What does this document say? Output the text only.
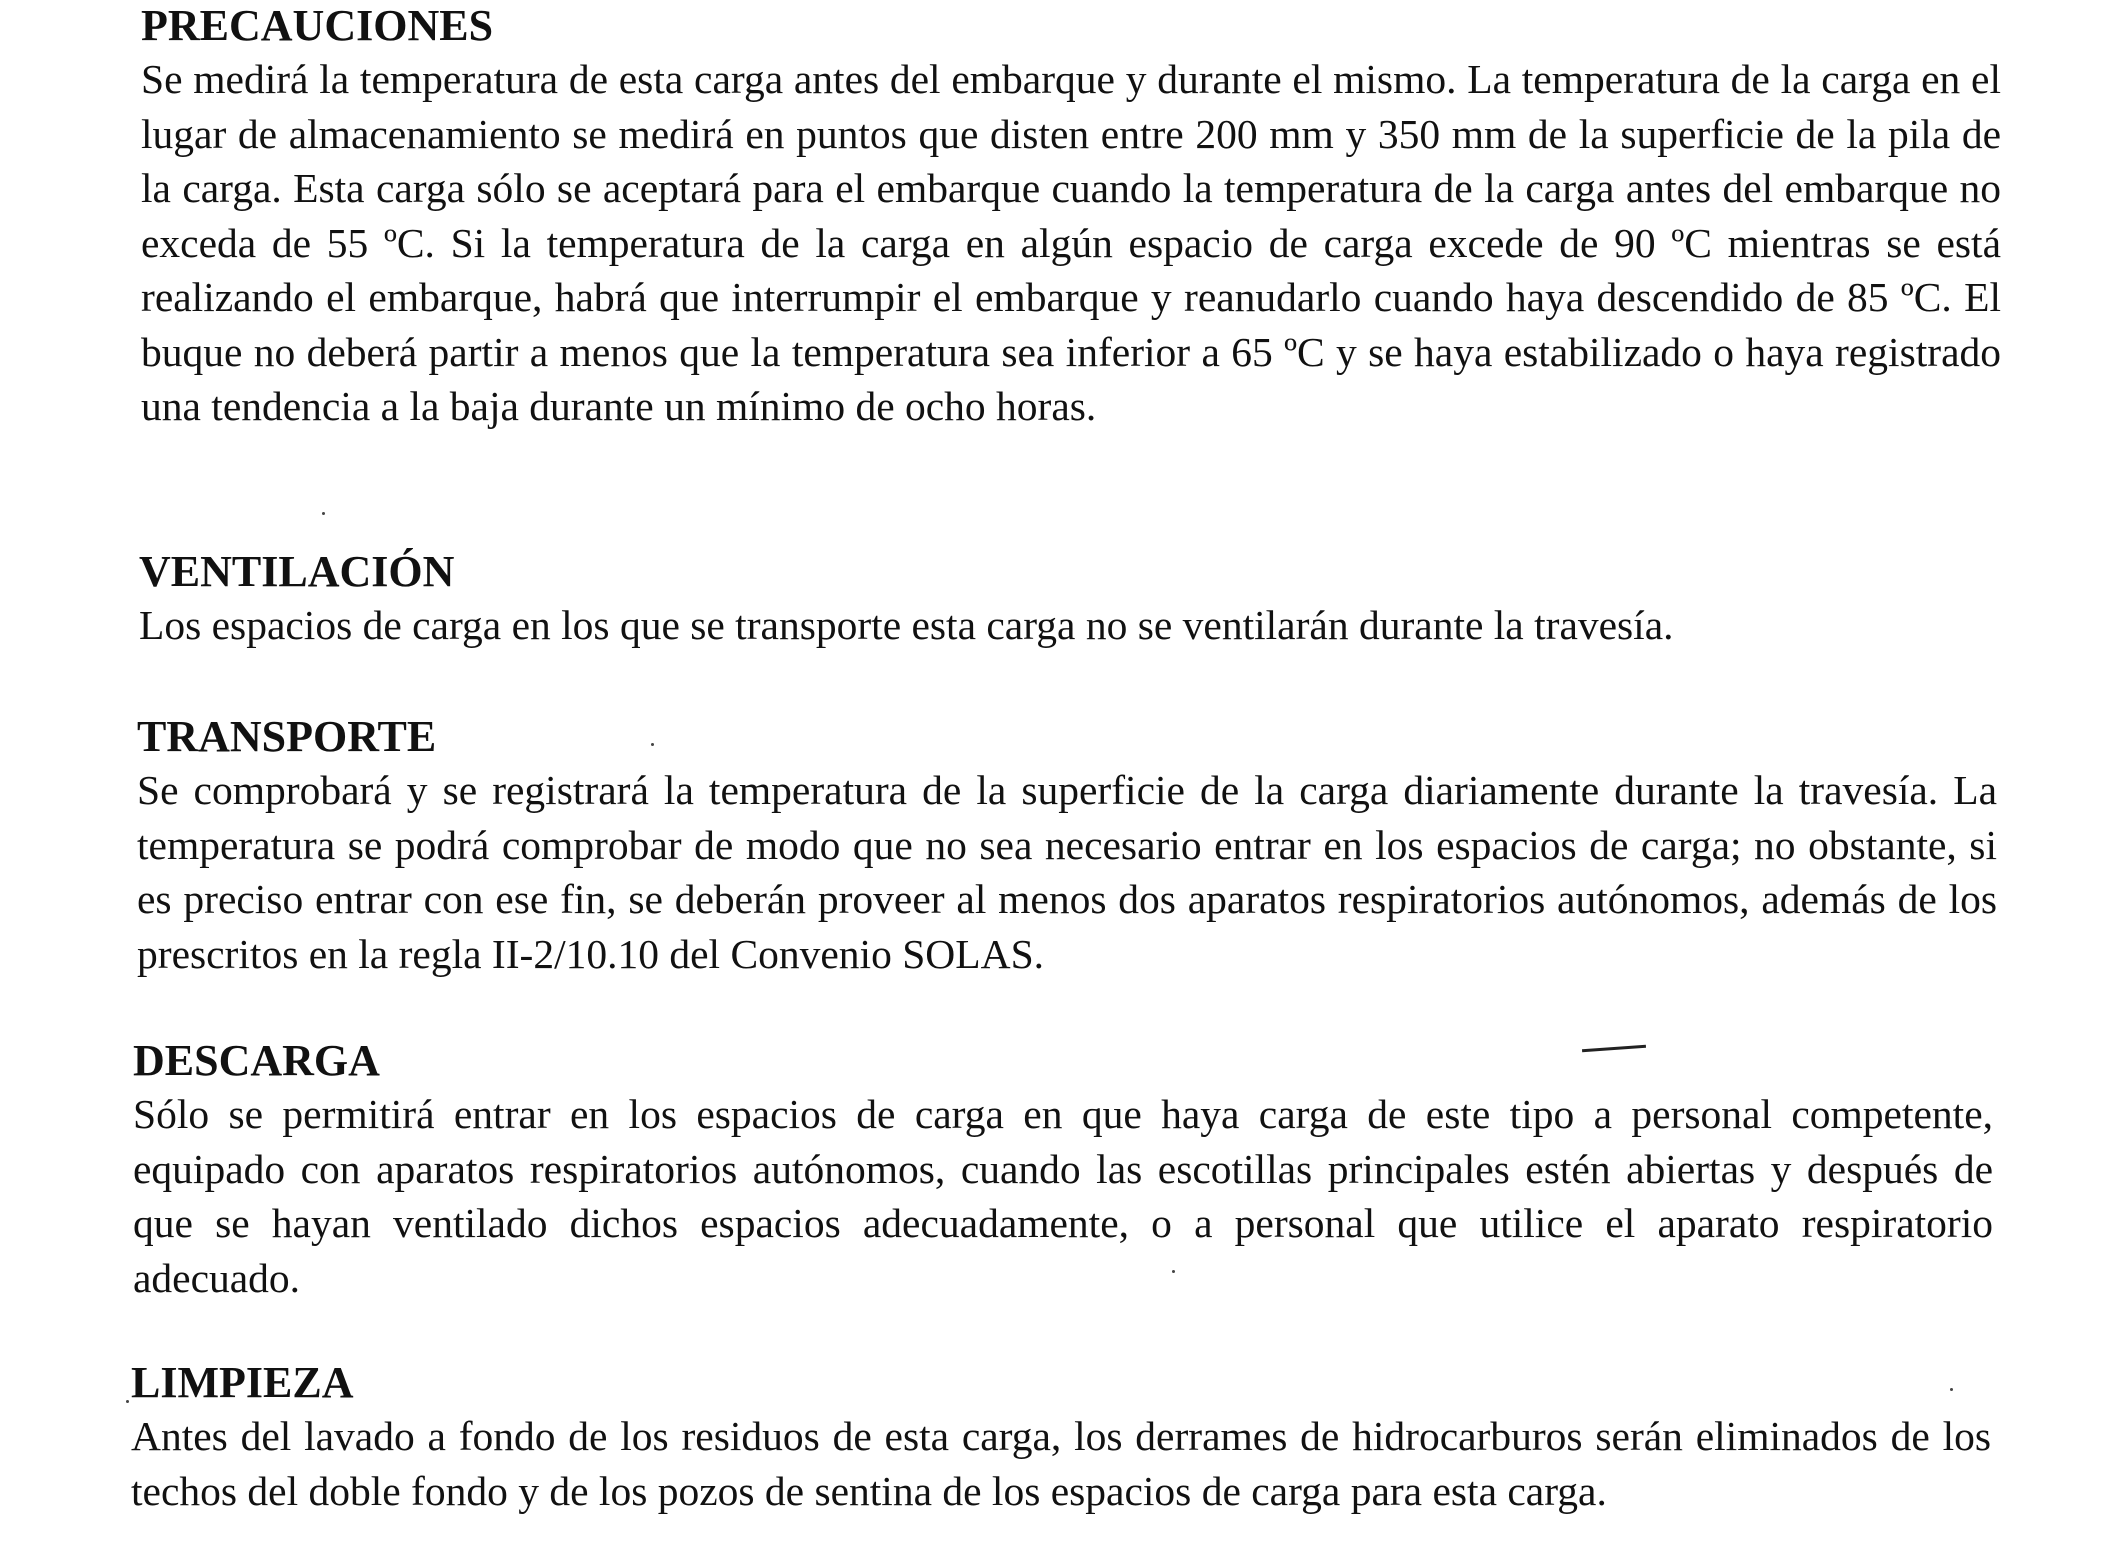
PRECAUCIONES

Se medirá la temperatura de esta carga antes del embarque y durante el mismo. La temperatura de la carga en el lugar de almacenamiento se medirá en puntos que disten entre 200 mm y 350 mm de la superficie de la pila de la carga. Esta carga sólo se aceptará para el embarque cuando la temperatura de la carga antes del embarque no exceda de 55 ºC. Si la temperatura de la carga en algún espacio de carga excede de 90 ºC mientras se está realizando el embarque, habrá que interrumpir el embarque y reanudarlo cuando haya descendido de 85 ºC. El buque no deberá partir a menos que la temperatura sea inferior a 65 ºC y se haya estabilizado o haya registrado una tendencia a la baja durante un mínimo de ocho horas.

VENTILACIÓN

Los espacios de carga en los que se transporte esta carga no se ventilarán durante la travesía.

TRANSPORTE

Se comprobará y se registrará la temperatura de la superficie de la carga diariamente durante la travesía. La temperatura se podrá comprobar de modo que no sea necesario entrar en los espacios de carga; no obstante, si es preciso entrar con ese fin, se deberán proveer al menos dos aparatos respiratorios autónomos, además de los prescritos en la regla II-2/10.10 del Convenio SOLAS.

DESCARGA

Sólo se permitirá entrar en los espacios de carga en que haya carga de este tipo a personal competente, equipado con aparatos respiratorios autónomos, cuando las escotillas principales estén abiertas y después de que se hayan ventilado dichos espacios adecuadamente, o a personal que utilice el aparato respiratorio adecuado.

LIMPIEZA

Antes del lavado a fondo de los residuos de esta carga, los derrames de hidrocarburos serán eliminados de los techos del doble fondo y de los pozos de sentina de los espacios de carga para esta carga.
